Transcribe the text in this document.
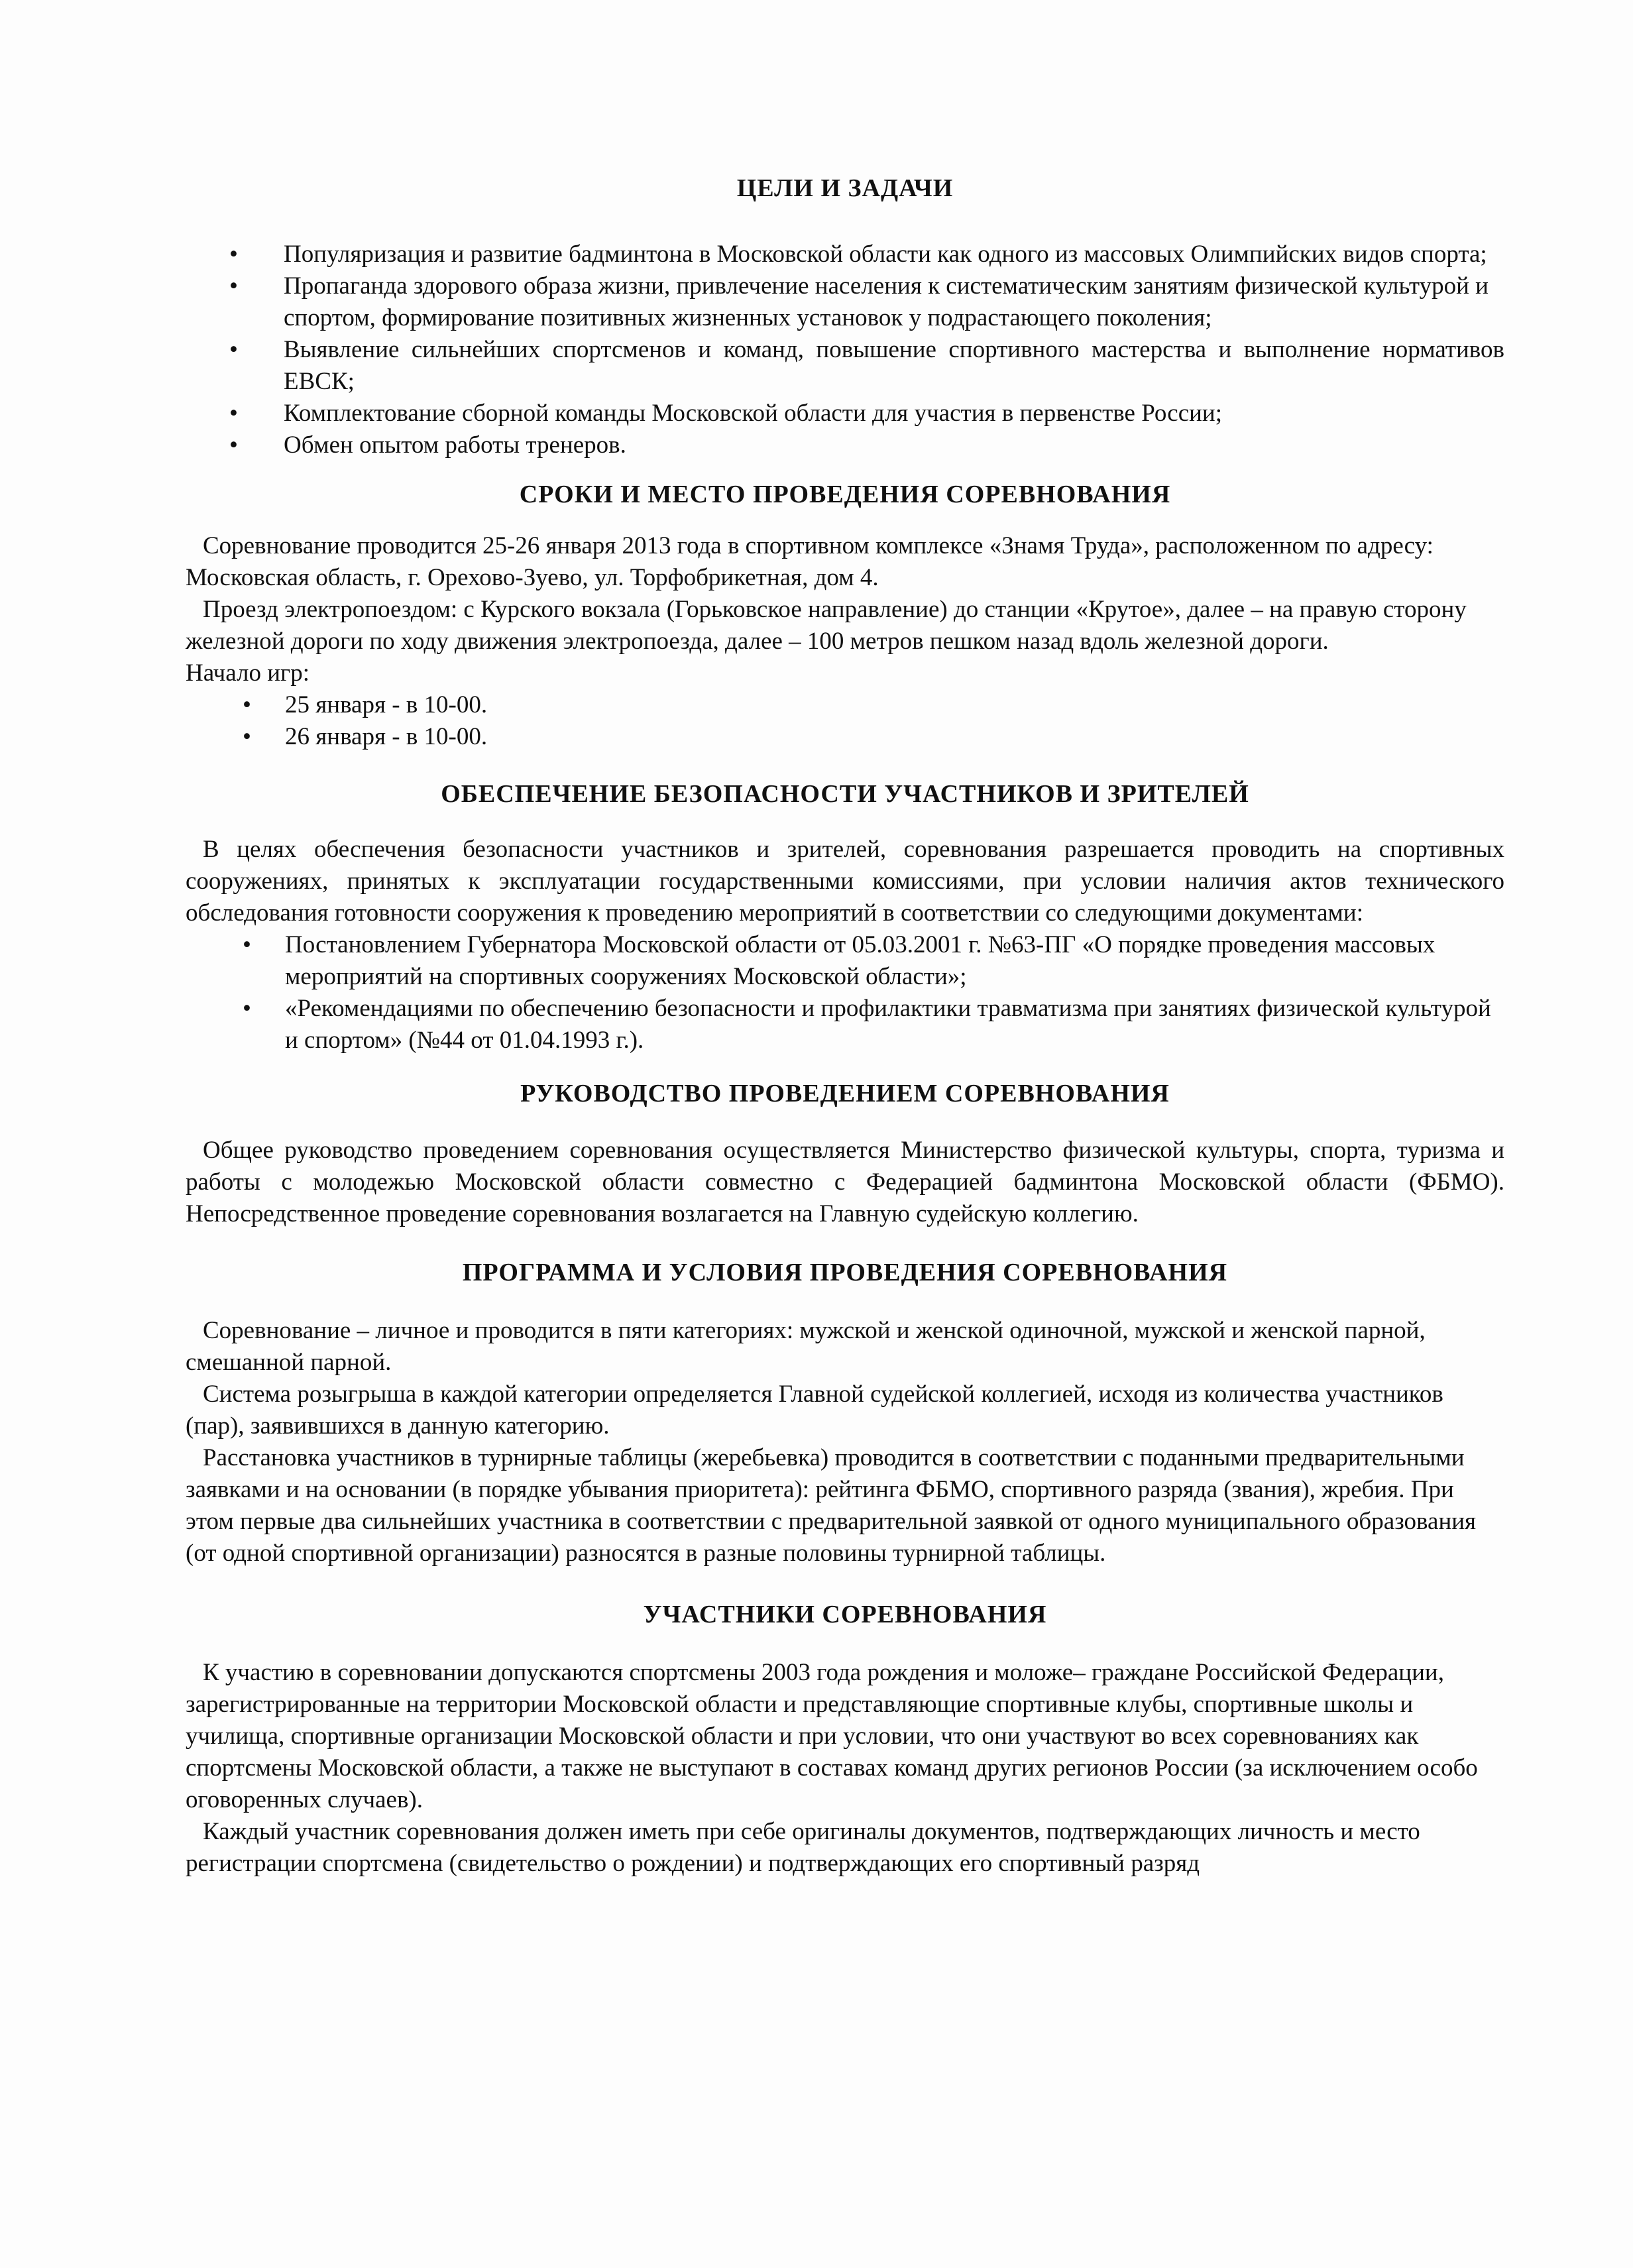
ЦЕЛИ И ЗАДАЧИ
• Популяризация и развитие бадминтона в Московской области как одного из массовых Олимпийских видов спорта;
• Пропаганда здорового образа жизни, привлечение населения к систематическим занятиям физической культурой и спортом, формирование позитивных жизненных установок у подрастающего поколения;
• Выявление сильнейших спортсменов и команд, повышение спортивного мастерства и выполнение нормативов ЕВСК;
• Комплектование сборной команды Московской области для участия в первенстве России;
• Обмен опытом работы тренеров.
СРОКИ И МЕСТО ПРОВЕДЕНИЯ СОРЕВНОВАНИЯ

Соревнование проводится 25-26 января 2013 года в спортивном комплексе «Знамя Труда», расположенном по адресу: Московская область, г. Орехово-Зуево, ул. Торфобрикетная, дом 4.

Проезд электропоездом: с Курского вокзала (Горьковское направление) до станции «Крутое», далее – на правую сторону железной дороги по ходу движения электропоезда, далее – 100 метров пешком назад вдоль железной дороги.

Начало игр:

• 25 января - в 10-00.
• 26 января - в 10-00.
ОБЕСПЕЧЕНИЕ БЕЗОПАСНОСТИ УЧАСТНИКОВ И ЗРИТЕЛЕЙ

В целях обеспечения безопасности участников и зрителей, соревнования разрешается проводить на спортивных сооружениях, принятых к эксплуатации государственными комиссиями, при условии наличия актов технического обследования готовности сооружения к проведению мероприятий в соответствии со следующими документами:

• Постановлением Губернатора Московской области от 05.03.2001 г. №63-ПГ «О порядке проведения массовых мероприятий на спортивных сооружениях Московской области»;
• «Рекомендациями по обеспечению безопасности и профилактики травматизма при занятиях физической культурой и спортом» (№44 от 01.04.1993 г.).
РУКОВОДСТВО ПРОВЕДЕНИЕМ СОРЕВНОВАНИЯ

Общее руководство проведением соревнования осуществляется Министерство физической культуры, спорта, туризма и работы с молодежью Московской области совместно с Федерацией бадминтона Московской области (ФБМО). Непосредственное проведение соревнования возлагается на Главную судейскую коллегию.

ПРОГРАММА И УСЛОВИЯ ПРОВЕДЕНИЯ СОРЕВНОВАНИЯ

Соревнование – личное и проводится в пяти категориях: мужской и женской одиночной, мужской и женской парной, смешанной парной.

Система розыгрыша в каждой категории определяется Главной судейской коллегией, исходя из количества участников (пар), заявившихся в данную категорию.

Расстановка участников в турнирные таблицы (жеребьевка) проводится в соответствии с поданными предварительными заявками и на основании (в порядке убывания приоритета): рейтинга ФБМО, спортивного разряда (звания), жребия. При этом первые два сильнейших участника в соответствии с предварительной заявкой от одного муниципального образования (от одной спортивной организации) разносятся в разные половины турнирной таблицы.

УЧАСТНИКИ СОРЕВНОВАНИЯ

К участию в соревновании допускаются спортсмены 2003 года рождения и моложе– граждане Российской Федерации, зарегистрированные на территории Московской области и представляющие спортивные клубы, спортивные школы и училища, спортивные организации Московской области и при условии, что они участвуют во всех соревнованиях как спортсмены Московской области, а также не выступают в составах команд других регионов России (за исключением особо оговоренных случаев).

Каждый участник соревнования должен иметь при себе оригиналы документов, подтверждающих личность и место регистрации спортсмена (свидетельство о рождении) и подтверждающих его спортивный разряд
